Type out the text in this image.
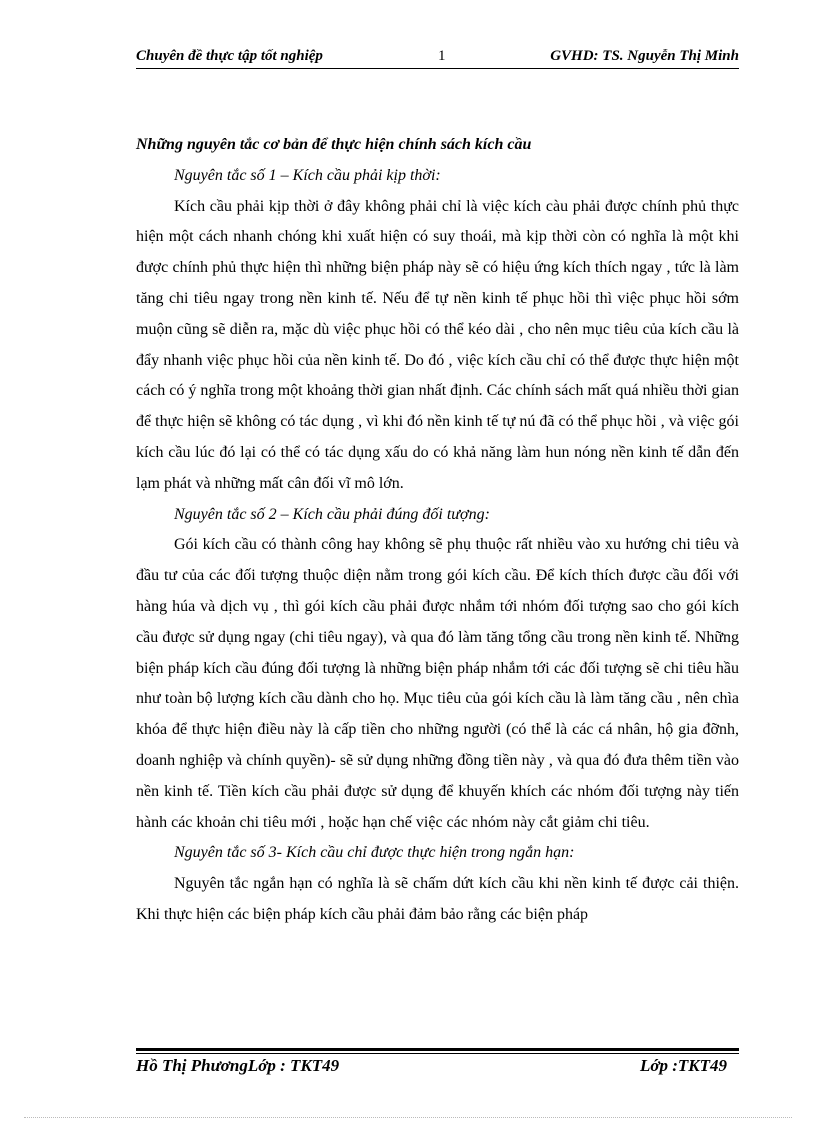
Chuyên đề thực tập tốt nghiệp	1	GVHD: TS. Nguyễn Thị Minh

Những nguyên tắc cơ bản để thực hiện chính sách kích cầu

Nguyên tắc số 1 – Kích cầu phải kịp thời:

Kích cầu phải kịp thời ở đây không phải chỉ là việc kích càu phải được chính phủ thực hiện một cách nhanh chóng khi xuất hiện có suy thoái, mà kịp thời còn có nghĩa là một khi được chính phủ thực hiện thì những biện pháp này sẽ có hiệu ứng kích thích ngay , tức là làm tăng chi tiêu ngay trong nền kinh tế. Nếu để tự nền kinh tế phục hồi thì việc phục hồi sớm muộn cũng sẽ diễn ra, mặc dù việc phục hồi có thể kéo dài , cho nên mục tiêu của kích cầu là đẩy nhanh việc phục hồi của nền kinh tế. Do đó , việc kích cầu chỉ có thể được thực hiện một cách có ý nghĩa trong một khoảng thời gian nhất định. Các chính sách mất quá nhiều thời gian để thực hiện sẽ không có tác dụng , vì khi đó nền kinh tế tự nú đã có thể phục hồi , và việc gói kích cầu lúc đó lại có thể có tác dụng xấu do có khả năng làm hun nóng nền kinh tế dẫn đến lạm phát và những mất cân đối vĩ mô lớn.

Nguyên tắc số 2 – Kích cầu phải đúng đối tượng:

Gói kích cầu có thành công hay không sẽ phụ thuộc rất nhiều vào xu hướng chi tiêu và đầu tư của các đối tượng thuộc diện nằm trong gói kích cầu. Để kích thích được cầu đối với hàng húa và dịch vụ , thì gói kích cầu phải được nhắm tới nhóm đối tượng sao cho gói kích cầu được sử dụng ngay (chi tiêu ngay), và qua đó làm tăng tổng cầu trong nền kinh tế. Những biện pháp kích cầu đúng đối tượng là những biện pháp nhắm tới các đối tượng sẽ chi tiêu hầu như toàn bộ lượng kích cầu dành cho họ. Mục tiêu của gói kích cầu là làm tăng cầu , nên chìa khóa để thực hiện điều này là cấp tiền cho những người (có thể là các cá nhân, hộ gia đỡnh, doanh nghiệp và chính quyền)- sẽ sử dụng những đồng tiền này , và qua đó đưa thêm tiền vào nền kinh tế. Tiền kích cầu phải được sử dụng để khuyến khích các nhóm đối tượng này tiến hành các khoản chi tiêu mới , hoặc hạn chế việc các nhóm này cắt giảm chi tiêu.

Nguyên tắc số 3- Kích cầu chỉ được thực hiện trong ngắn hạn:

Nguyên tắc ngắn hạn có nghĩa là sẽ chấm dứt kích cầu khi nền kinh tế được cải thiện. Khi thực hiện các biện pháp kích cầu phải đảm bảo rằng các biện pháp

Hồ Thị PhươngLớp : TKT49	Lớp :TKT49
